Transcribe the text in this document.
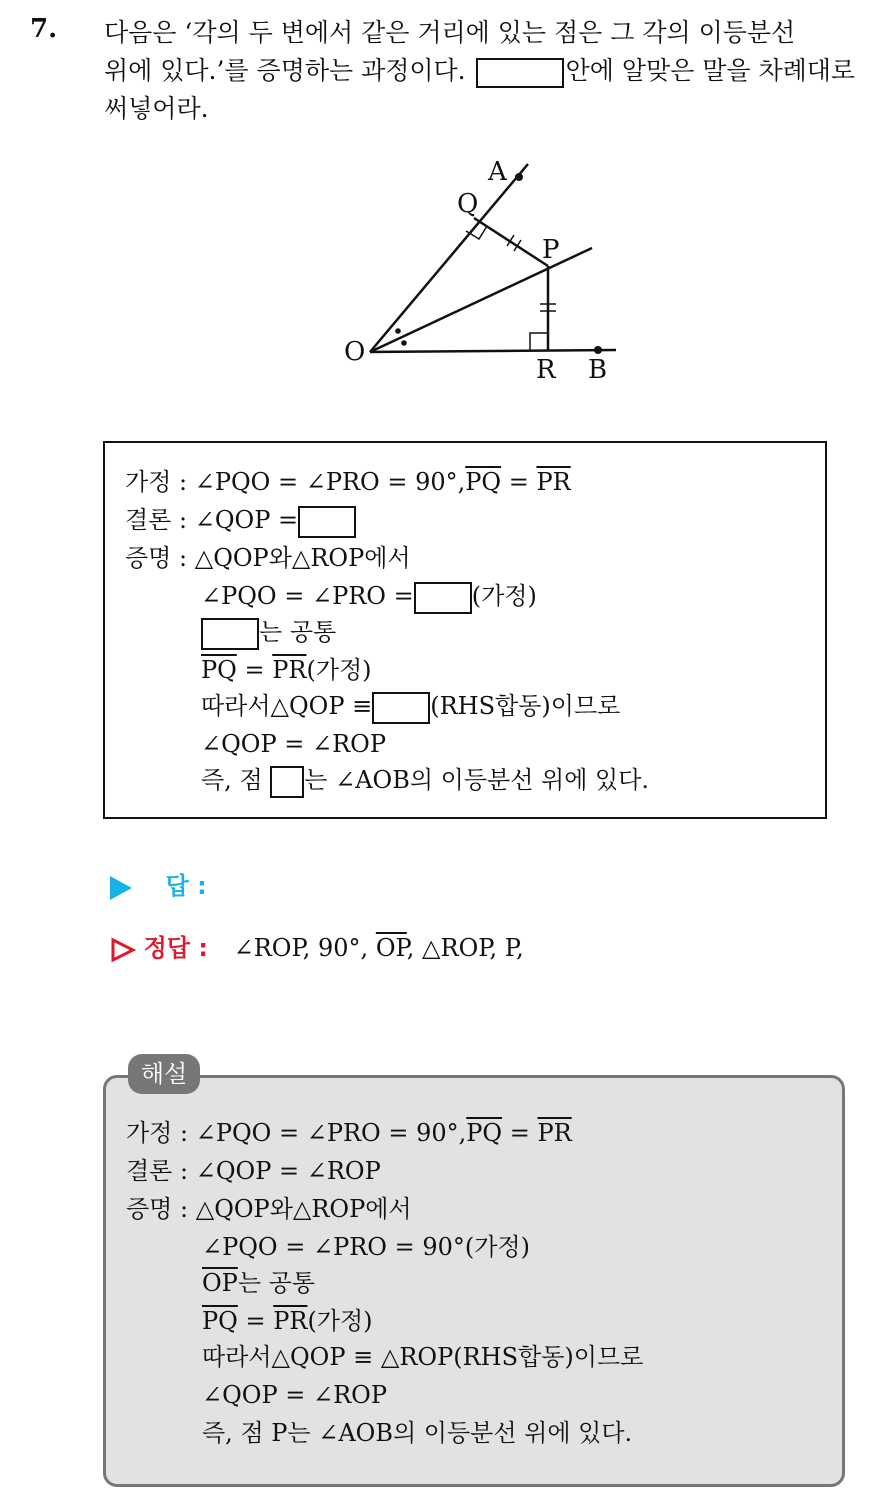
7. 다음은 ‘각의 두 변에서 같은 거리에 있는 점은 그 각의 이등분선
위에 있다.’를 증명하는 과정이다.	안에 알맞은 말을 차례대로
써넣어라.
A
Q
P
O
R B
가정 : ∠PQO = ∠PRO = $90^\circ,\overline{PQ} = \overline{PR}$
결론 : ∠QOP =
증명 : △QOP와△ROP에서
∠PQO = ∠PRO = (가정)
는 공통
$\overline{PQ} = \overline{PR}$(가정)
따라서△QOP ≡ (RHS합동)이므로
∠QOP = ∠ROP
즉, 점 는 ∠AOB의 이등분선 위에 있다.
답 :
정답 : ∠ROP, 90°, $\overline{OP}$, △ROP, P,
가정 : ∠PQO = ∠PRO = $90^\circ,\overline{PQ} = \overline{PR}$
결론 : ∠QOP = ∠ROP
증명 : △QOP와△ROP에서
∠PQO = ∠PRO = 90°(가정)
$\overline{OP}$는 공통
$\overline{PQ} = \overline{PR}$(가정)
따라서△QOP ≡ △ROP(RHS합동)이므로
∠QOP = ∠ROP
즉, 점 P는 ∠AOB의 이등분선 위에 있다.
해설
